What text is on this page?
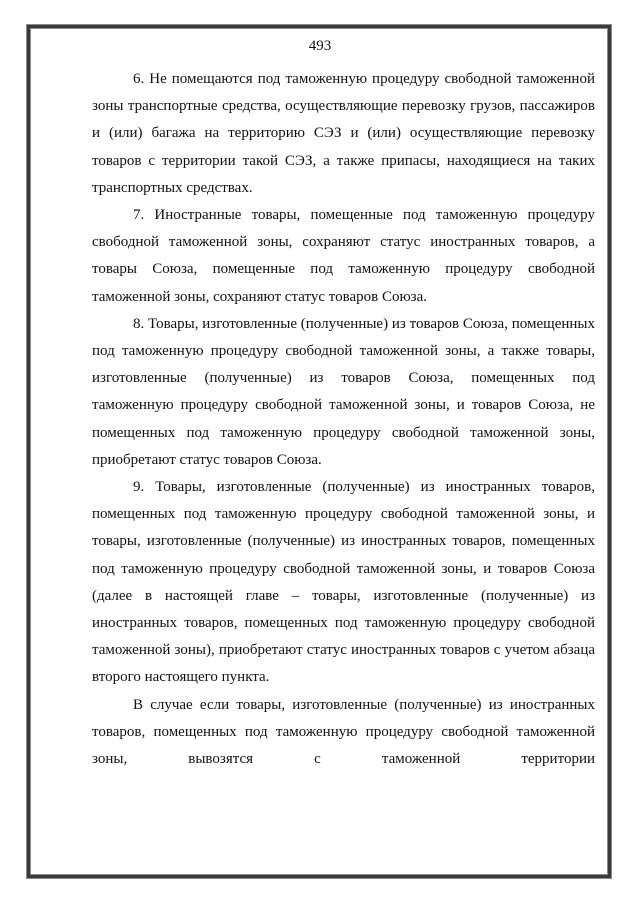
493

6. Не помещаются под таможенную процедуру свободной таможенной зоны транспортные средства, осуществляющие перевозку грузов, пассажиров и (или) багажа на территорию СЭЗ и (или) осуществляющие перевозку товаров с территории такой СЭЗ, а также припасы, находящиеся на таких транспортных средствах.

7. Иностранные товары, помещенные под таможенную процедуру свободной таможенной зоны, сохраняют статус иностранных товаров, а товары Союза, помещенные под таможенную процедуру свободной таможенной зоны, сохраняют статус товаров Союза.

8. Товары, изготовленные (полученные) из товаров Союза, помещенных под таможенную процедуру свободной таможенной зоны, а также товары, изготовленные (полученные) из товаров Союза, помещенных под таможенную процедуру свободной таможенной зоны, и товаров Союза, не помещенных под таможенную процедуру свободной таможенной зоны, приобретают статус товаров Союза.

9. Товары, изготовленные (полученные) из иностранных товаров, помещенных под таможенную процедуру свободной таможенной зоны, и товары, изготовленные (полученные) из иностранных товаров, помещенных под таможенную процедуру свободной таможенной зоны, и товаров Союза (далее в настоящей главе – товары, изготовленные (полученные) из иностранных товаров, помещенных под таможенную процедуру свободной таможенной зоны), приобретают статус иностранных товаров с учетом абзаца второго настоящего пункта.

В случае если товары, изготовленные (полученные) из иностранных товаров, помещенных под таможенную процедуру свободной таможенной зоны, вывозятся с таможенной территории
